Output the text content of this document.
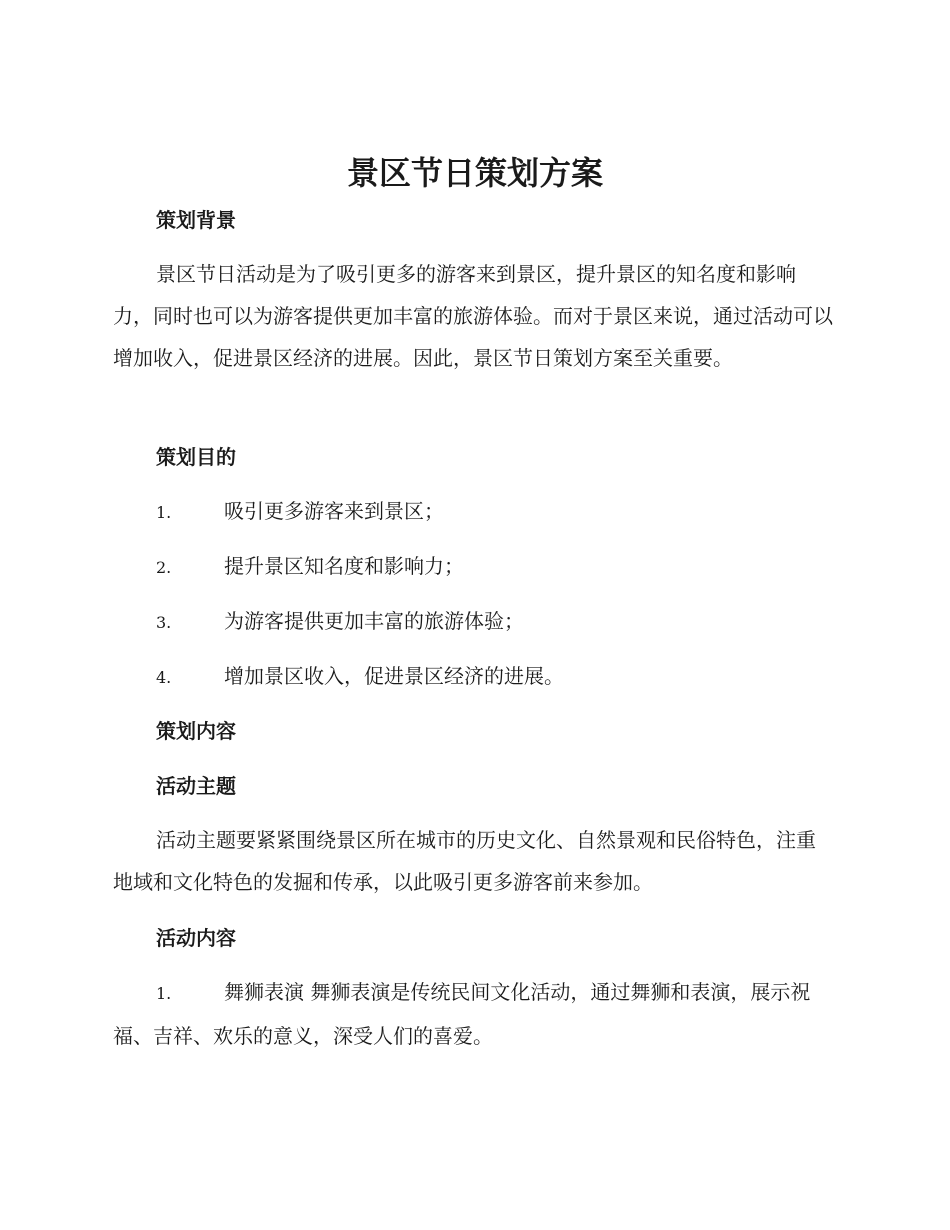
景区节日策划方案
策划背景

景区节日活动是为了吸引更多的游客来到景区，提升景区的知名度和影响力，同时也可以为游客提供更加丰富的旅游体验。而对于景区来说，通过活动可以增加收入，促进景区经济的进展。因此，景区节日策划方案至关重要。

策划目的

1.	吸引更多游客来到景区；

2.	提升景区知名度和影响力；

3.	为游客提供更加丰富的旅游体验；

4.	增加景区收入，促进景区经济的进展。

策划内容
活动主题

活动主题要紧紧围绕景区所在城市的历史文化、自然景观和民俗特色，注重地域和文化特色的发掘和传承，以此吸引更多游客前来参加。

活动内容

1.	舞狮表演 舞狮表演是传统民间文化活动，通过舞狮和表演，展示祝福、吉祥、欢乐的意义，深受人们的喜爱。
